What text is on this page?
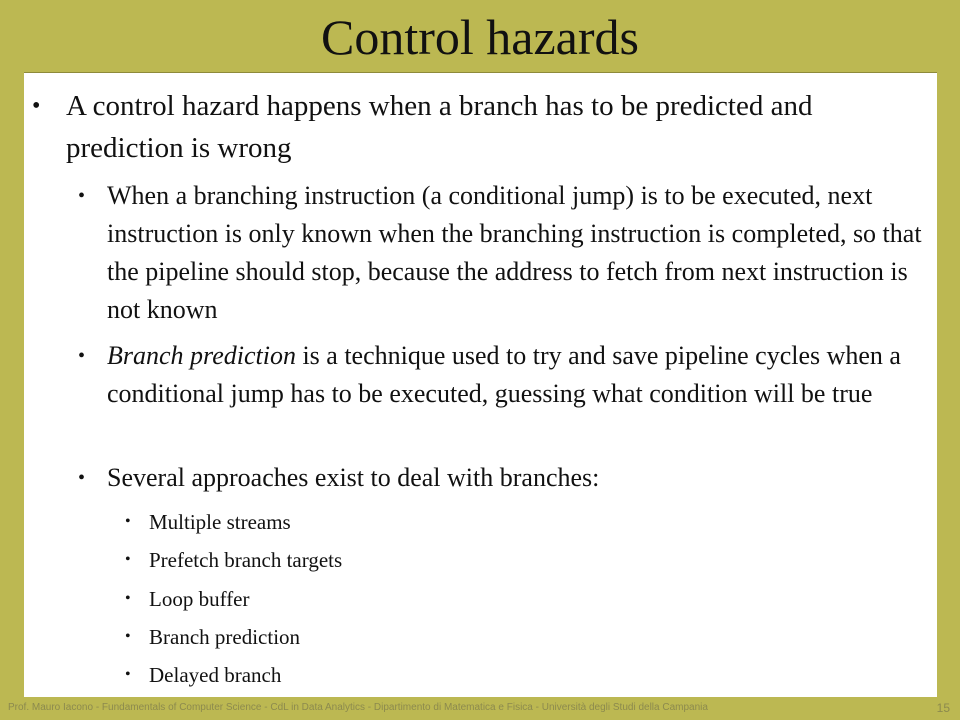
Control hazards
• A control hazard happens when a branch has to be predicted and prediction is wrong
• When a branching instruction (a conditional jump) is to be executed, next instruction is only known when the branching instruction is completed, so that the pipeline should stop, because the address to fetch from next instruction is not known
• Branch prediction is a technique used to try and save pipeline cycles when a conditional jump has to be executed, guessing what condition will be true
• Several approaches exist to deal with branches:
• Multiple streams
• Prefetch branch targets
• Loop buffer
• Branch prediction
• Delayed branch
Prof. Mauro Iacono - Fundamentals of Computer Science - CdL in Data Analytics - Dipartimento di Matematica e Fisica - Università degli Studi della Campania	15
